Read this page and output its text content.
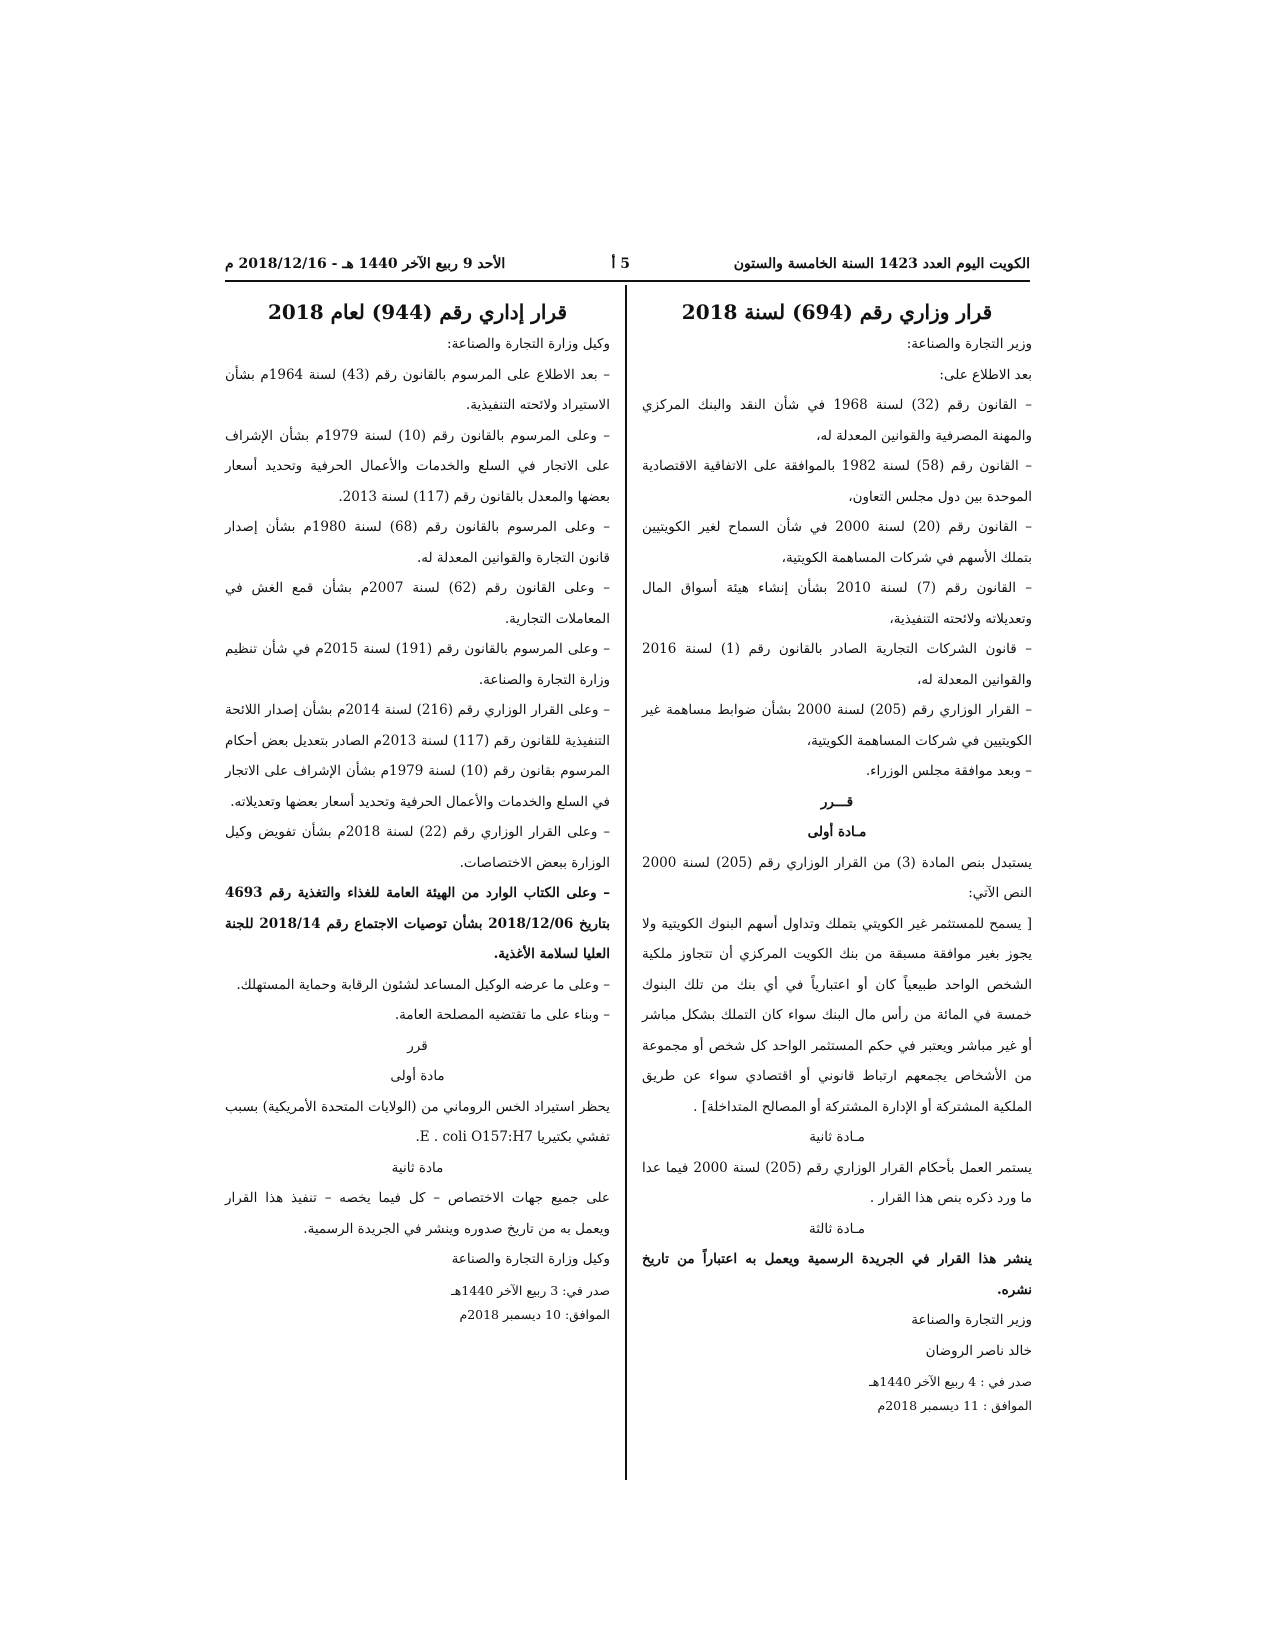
الكويت اليوم العدد 1423 السنة الخامسة والستون
5 أ
الأحد 9 ربيع الآخر 1440 هـ - 2018/12/16 م
قرار وزاري رقم (694) لسنة 2018

وزير التجارة والصناعة:

بعد الاطلاع على:

– القانون رقم (32) لسنة 1968 في شأن النقد والبنك المركزي والمهنة المصرفية والقوانين المعدلة له،

– القانون رقم (58) لسنة 1982 بالموافقة على الاتفاقية الاقتصادية الموحدة بين دول مجلس التعاون،

– القانون رقم (20) لسنة 2000 في شأن السماح لغير الكويتيين بتملك الأسهم في شركات المساهمة الكويتية،

– القانون رقم (7) لسنة 2010 بشأن إنشاء هيئة أسواق المال وتعديلاته ولائحته التنفيذية،

– قانون الشركات التجارية الصادر بالقانون رقم (1) لسنة 2016 والقوانين المعدلة له،

– القرار الوزاري رقم (205) لسنة 2000 بشأن ضوابط مساهمة غير الكويتيين في شركات المساهمة الكويتية،

– وبعد موافقة مجلس الوزراء.

قـــرر

مـادة أولى

يستبدل بنص المادة (3) من القرار الوزاري رقم (205) لسنة 2000 النص الآتي:

[ يسمح للمستثمر غير الكويتي بتملك وتداول أسهم البنوك الكويتية ولا يجوز بغير موافقة مسبقة من بنك الكويت المركزي أن تتجاوز ملكية الشخص الواحد طبيعياً كان أو اعتبارياً في أي بنك من تلك البنوك خمسة في المائة من رأس مال البنك سواء كان التملك بشكل مباشر أو غير مباشر ويعتبر في حكم المستثمر الواحد كل شخص أو مجموعة من الأشخاص يجمعهم ارتباط قانوني أو اقتصادي سواء عن طريق الملكية المشتركة أو الإدارة المشتركة أو المصالح المتداخلة] .

مـادة ثانية

يستمر العمل بأحكام القرار الوزاري رقم (205) لسنة 2000 فيما عدا ما ورد ذكره بنص هذا القرار .

مـادة ثالثة

ينشر هذا القرار في الجريدة الرسمية ويعمل به اعتباراً من تاريخ نشره.

وزير التجارة والصناعة

خالد ناصر الروضان

صدر في : 4 ربيع الآخر 1440هـ
الموافق : 11 ديسمبر 2018م
قرار إداري رقم (944) لعام 2018

وكيل وزارة التجارة والصناعة:

– بعد الاطلاع على المرسوم بالقانون رقم (43) لسنة 1964م بشأن الاستيراد ولائحته التنفيذية.

– وعلى المرسوم بالقانون رقم (10) لسنة 1979م بشأن الإشراف على الاتجار في السلع والخدمات والأعمال الحرفية وتحديد أسعار بعضها والمعدل بالقانون رقم (117) لسنة 2013.

– وعلى المرسوم بالقانون رقم (68) لسنة 1980م بشأن إصدار قانون التجارة والقوانين المعدلة له.

– وعلى القانون رقم (62) لسنة 2007م بشأن قمع الغش في المعاملات التجارية.

– وعلى المرسوم بالقانون رقم (191) لسنة 2015م في شأن تنظيم وزارة التجارة والصناعة.

– وعلى القرار الوزاري رقم (216) لسنة 2014م بشأن إصدار اللائحة التنفيذية للقانون رقم (117) لسنة 2013م الصادر بتعديل بعض أحكام المرسوم بقانون رقم (10) لسنة 1979م بشأن الإشراف على الاتجار في السلع والخدمات والأعمال الحرفية وتحديد أسعار بعضها وتعديلاته.

– وعلى القرار الوزاري رقم (22) لسنة 2018م بشأن تفويض وكيل الوزارة ببعض الاختصاصات.

– وعلى الكتاب الوارد من الهيئة العامة للغذاء والتغذية رقم 4693 بتاريخ 2018/12/06 بشأن توصيات الاجتماع رقم 2018/14 للجنة العليا لسلامة الأغذية.

– وعلى ما عرضه الوكيل المساعد لشئون الرقابة وحماية المستهلك.

– وبناء على ما تقتضيه المصلحة العامة.

قرر

مادة أولى

يحظر استيراد الخس الروماني من (الولايات المتحدة الأمريكية) بسبب تفشي بكتيريا E . coli O157:H7.

مادة ثانية

على جميع جهات الاختصاص – كل فيما يخصه – تنفيذ هذا القرار ويعمل به من تاريخ صدوره وينشر في الجريدة الرسمية.

وكيل وزارة التجارة والصناعة

صدر في: 3 ربيع الآخر 1440هـ
الموافق: 10 ديسمبر 2018م
